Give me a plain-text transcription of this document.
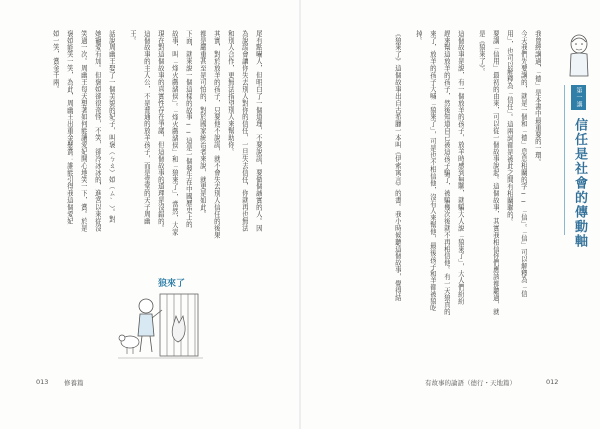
我曾經講過，「德」是本書中最重要的一環。
今天我們先要講的，就是一個和「德」息息相關的字──「信」。「信」可以解釋為「信
用」，也可以解釋為「信任」。這兩詞都是被此之間有相關聯的。
要講「信用」最初的由來，可以從一個故事說起。這個故事，其實我相信你們應該都聽過，就
是《狼來了》。
這個故事是說，有一個放羊的孩子，放羊時感到無聊，就騙大人說「狼來了」，大人們紛紛
趕來幫這放羊的孩子，然後知道自己被這孩子騙了，被騙幾次後就不再相信他。有一天狼真的
來了，放羊的孩子大喊「狼來了」，可是也不相信他，沒有人來幫他，最後孩子和羊都被狼吃
掉。
《狼來了》這個故事出自古希臘一本叫《伊索寓言》的書。我小時候聽這個故事，覺得結	第一講
信任是社會的傳動軸
尾有點嚇人，但明白了一個道理，不要說謊，要做個誠實的人。因
為說謊會讓你失去別人對你的信任，一旦失去信任，你就再也無法
和別人合作，更無法指望別人來幫助你。
其實，對於放羊的孩子，只要他不說謊，就不會失去別人信任的後果
都是嚴重甚至是可怕的，對於國家統治者來說，就更是如此。
下面，就來說一個這樣的故事──這是一個發生在中國歷史上的
故事，叫「烽火戲諸侯」。「烽火戲諸侯」和「狼來了」，當然，大家
現在對這個故事的真實性存在爭議，但這個故事的道理是沒錯的。
這個故事的主人公，不是普通的放羊孩子，而是堂堂的天子周幽
王。
話說周幽王娶了一個美貌的妃子，叫褒（ㄅㄠ）姒（ㄙˋ）。對
她寵愛有加。但褒姒卻很奇怪，不笑，卻冷冰冰的，進宮以來從沒
笑過一次。周幽王每天想著如何能讓愛妃開心地笑一下，賞。於是
褒姒能笑一笑，為此，周幽王出重金懸賞：誰能引得我這個愛妃
姒一笑，賞金千兩。
狼來了
013 修養篇	有故事的論語（德行・天地篇）	012
